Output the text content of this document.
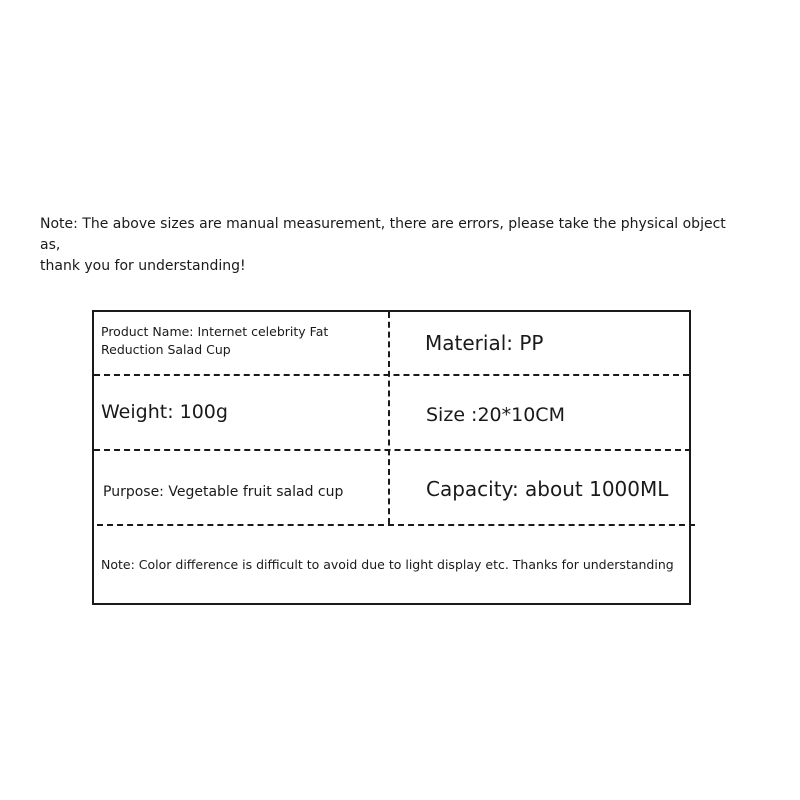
Note: The above sizes are manual measurement, there are errors, please take the physical object as,
thank you for understanding!
Product Name: Internet celebrity Fat
Reduction Salad Cup	Material: PP
Weight: 100g	Size :20*10CM
Purpose: Vegetable fruit salad cup	Capacity: about 1000ML
Note: Color difference is difficult to avoid due to light display etc. Thanks for understanding
